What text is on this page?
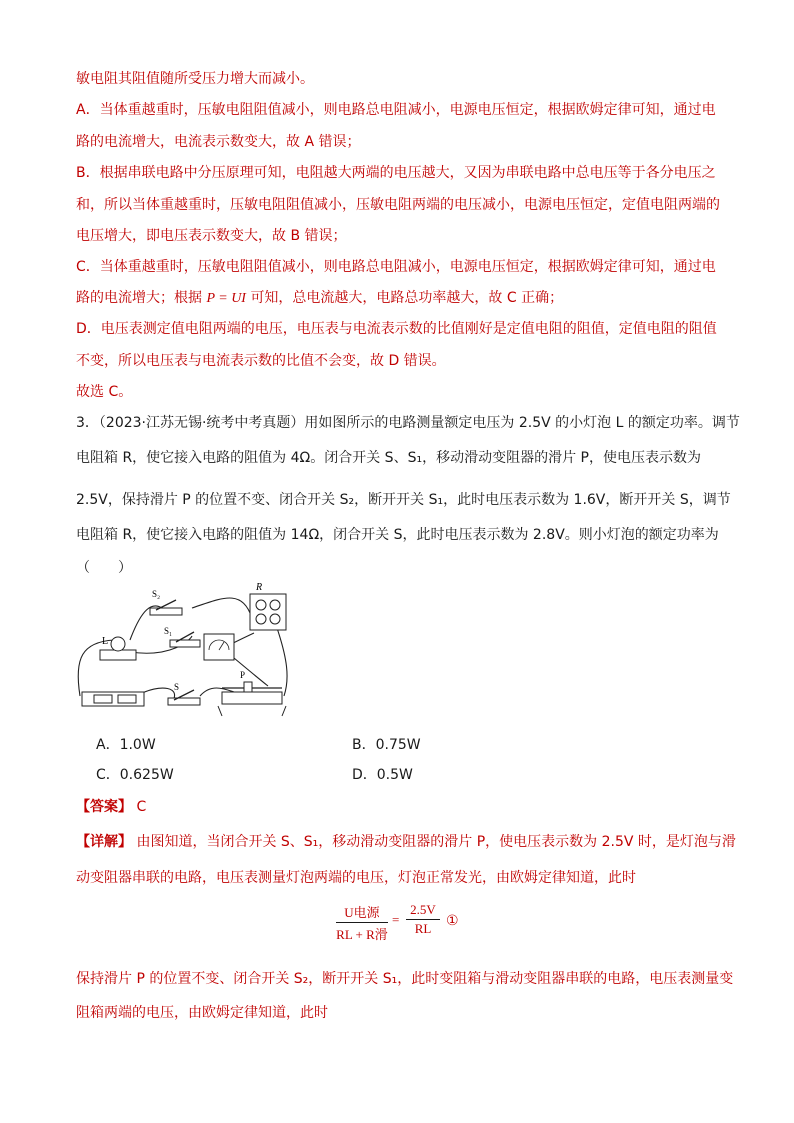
敏电阻其阻值随所受压力增大而减小。
A．当体重越重时，压敏电阻阻值减小，则电路总电阻减小，电源电压恒定，根据欧姆定律可知，通过电
路的电流增大，电流表示数变大，故 A 错误；
B．根据串联电路中分压原理可知，电阻越大两端的电压越大，又因为串联电路中总电压等于各分电压之
和，所以当体重越重时，压敏电阻阻值减小，压敏电阻两端的电压减小，电源电压恒定，定值电阻两端的
电压增大，即电压表示数变大，故 B 错误；
C．当体重越重时，压敏电阻阻值减小，则电路总电阻减小，电源电压恒定，根据欧姆定律可知，通过电
路的电流增大；根据 P = UI 可知，总电流越大，电路总功率越大，故 C 正确；
D．电压表测定值电阻两端的电压，电压表与电流表示数的比值刚好是定值电阻的阻值，定值电阻的阻值
不变，所以电压表与电流表示数的比值不会变，故 D 错误。
故选 C。
3．（2023·江苏无锡·统考中考真题）用如图所示的电路测量额定电压为 2.5V 的小灯泡 L 的额定功率。调节
电阻箱 R，使它接入电路的阻值为 4Ω。闭合开关 S、S₁，移动滑动变阻器的滑片 P，使电压表示数为
2.5V，保持滑片 P 的位置不变、闭合开关 S₂，断开开关 S₁，此时电压表示数为 1.6V，断开开关 S，调节
电阻箱 R，使它接入电路的阻值为 14Ω，闭合开关 S，此时电压表示数为 2.8V。则小灯泡的额定功率为
（　　）
S₂
S₁
L
R
S
P
A．1.0W	B．0.75W
C．0.625W	D．0.5W
【答案】 C
【详解】 由图知道，当闭合开关 S、S₁，移动滑动变阻器的滑片 P，使电压表示数为 2.5V 时，是灯泡与滑
动变阻器串联的电路，电压表测量灯泡两端的电压，灯泡正常发光，由欧姆定律知道，此时
U电源
RL + R滑
= $\frac{2.5V}{RL}$ ①
保持滑片 P 的位置不变、闭合开关 S₂，断开开关 S₁，此时变阻箱与滑动变阻器串联的电路，电压表测量变
阻箱两端的电压，由欧姆定律知道，此时
